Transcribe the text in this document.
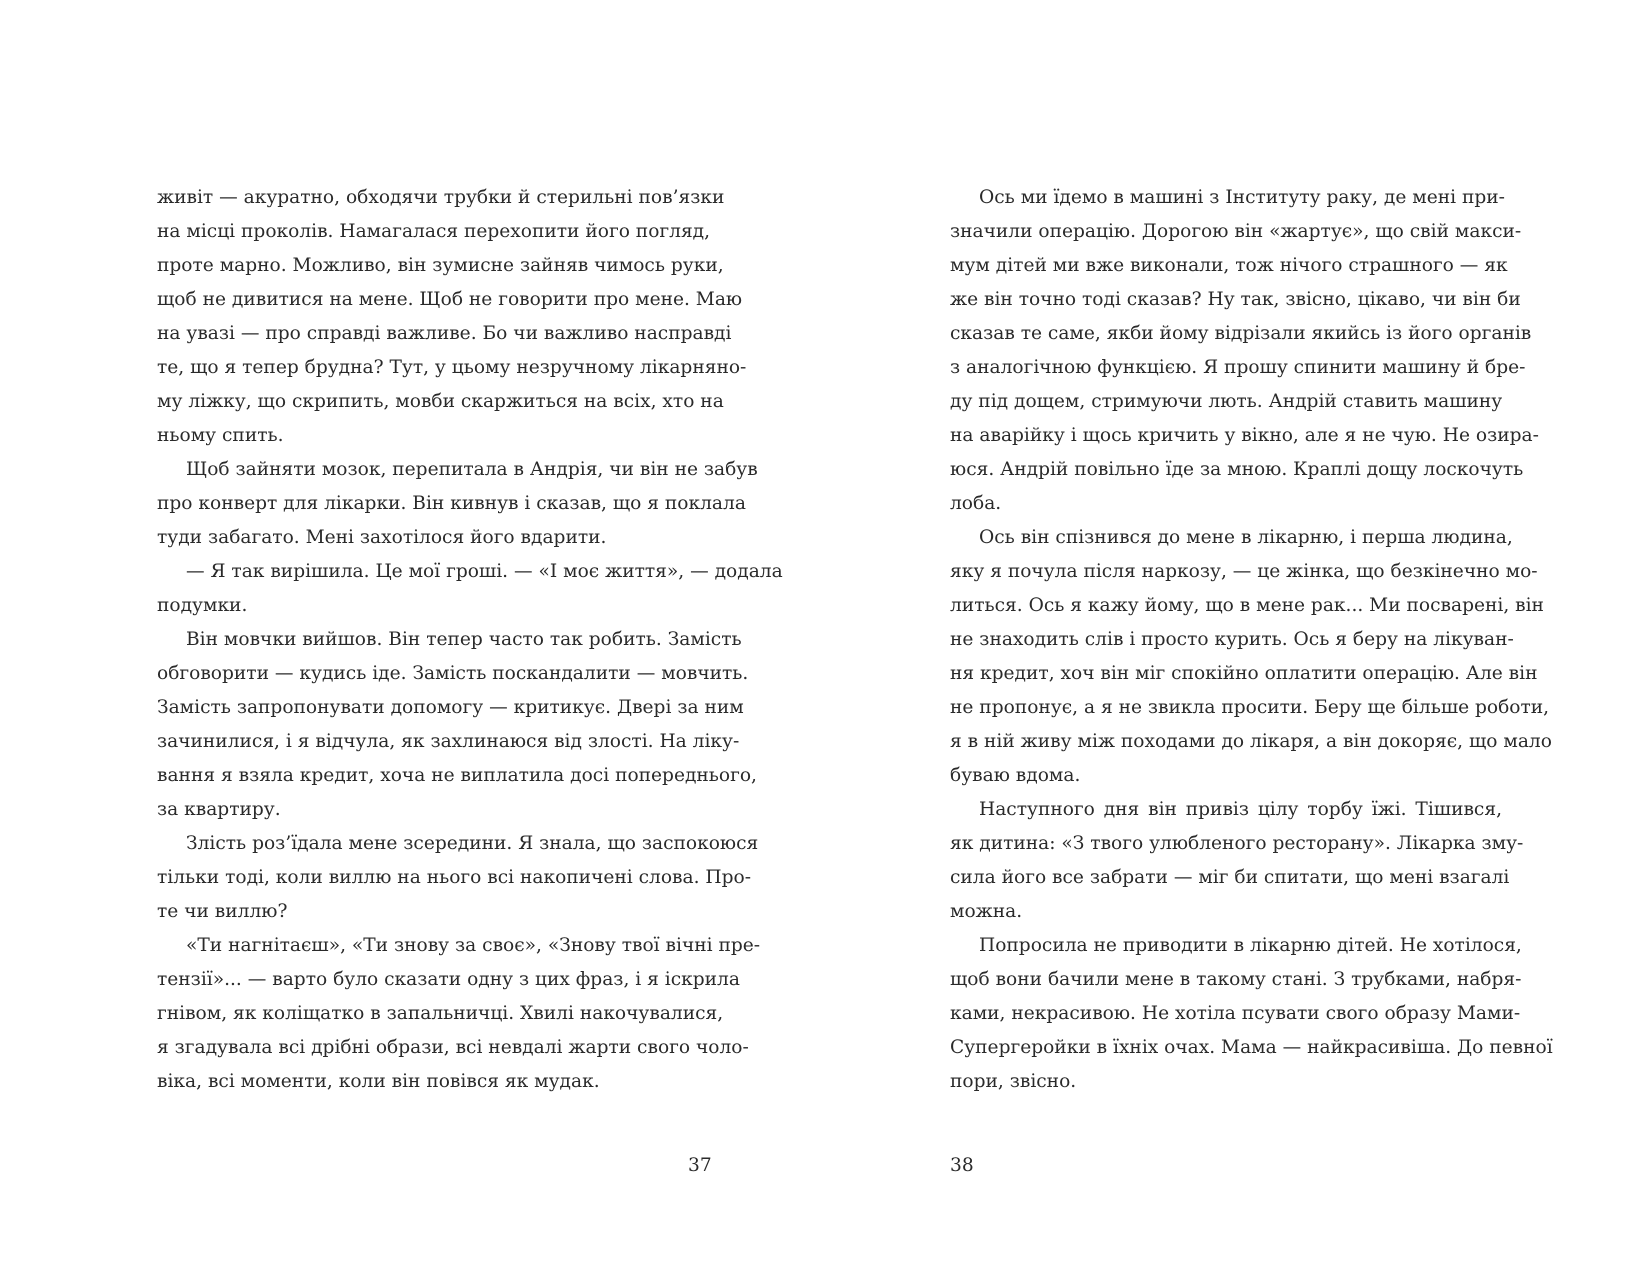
живіт — акуратно, обходячи трубки й стерильні пов’язки
на місці проколів. Намагалася перехопити його погляд,
проте марно. Можливо, він зумисне зайняв чимось руки,
щоб не дивитися на мене. Щоб не говорити про мене. Маю
на увазі — про справді важливе. Бо чи важливо насправді
те, що я тепер брудна? Тут, у цьому незручному лікарняно-
му ліжку, що скрипить, мовби скаржиться на всіх, хто на
ньому спить.
Щоб зайняти мозок, перепитала в Андрія, чи він не забув
про конверт для лікарки. Він кивнув і сказав, що я поклала
туди забагато. Мені захотілося його вдарити.
— Я так вирішила. Це мої гроші. — «І моє життя», — додала
подумки.
Він мовчки вийшов. Він тепер часто так робить. Замість
обговорити — кудись іде. Замість поскандалити — мовчить.
Замість запропонувати допомогу — критикує. Двері за ним
зачинилися, і я відчула, як захлинаюся від злості. На ліку-
вання я взяла кредит, хоча не виплатила досі попереднього,
за квартиру.
Злість роз’їдала мене зсередини. Я знала, що заспокоюся
тільки тоді, коли виллю на нього всі накопичені слова. Про-
те чи виллю?
«Ти нагнітаєш», «Ти знову за своє», «Знову твої вічні пре-
тензії»... — варто було сказати одну з цих фраз, і я іскрила
гнівом, як коліщатко в запальничці. Хвилі накочувалися,
я згадувала всі дрібні образи, всі невдалі жарти свого чоло-
віка, всі моменти, коли він повівся як мудак.
37
Ось ми їдемо в машині з Інституту раку, де мені при-
значили операцію. Дорогою він «жартує», що свій макси-
мум дітей ми вже виконали, тож нічого страшного — як
же він точно тоді сказав? Ну так, звісно, цікаво, чи він би
сказав те саме, якби йому відрізали якийсь із його органів
з аналогічною функцією. Я прошу спинити машину й бре-
ду під дощем, стримуючи лють. Андрій ставить машину
на аварійку і щось кричить у вікно, але я не чую. Не озира-
юся. Андрій повільно їде за мною. Краплі дощу лоскочуть
лоба.
Ось він спізнився до мене в лікарню, і перша людина,
яку я почула після наркозу, — це жінка, що безкінечно мо-
литься. Ось я кажу йому, що в мене рак... Ми посварені, він
не знаходить слів і просто курить. Ось я беру на лікуван-
ня кредит, хоч він міг спокійно оплатити операцію. Але він
не пропонує, а я не звикла просити. Беру ще більше роботи,
я в ній живу між походами до лікаря, а він докоряє, що мало
буваю вдома.
Наступного дня він привіз цілу торбу їжі. Тішився,
як дитина: «З твого улюбленого ресторану». Лікарка зму-
сила його все забрати — міг би спитати, що мені взагалі
можна.
Попросила не приводити в лікарню дітей. Не хотілося,
щоб вони бачили мене в такому стані. З трубками, набря-
ками, некрасивою. Не хотіла псувати свого образу Мами-
Супергеройки в їхніх очах. Мама — найкрасивіша. До певної
пори, звісно.
38
